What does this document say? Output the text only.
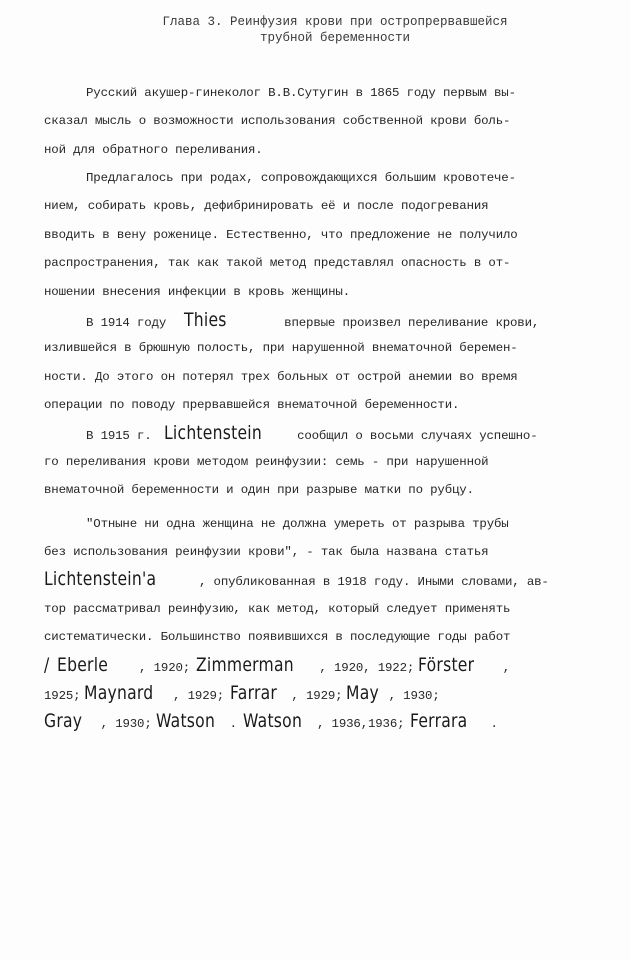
Глава 3. Реинфузия крови при остропрервавшейся
трубной беременности
Русский акушер-гинеколог В.В.Сутугин в 1865 году первым вы-
сказал мысль о возможности использования собственной крови боль-
ной для обратного переливания.
Предлагалось при родах, сопровождающихся большим кровотече-
нием, собирать кровь, дефибринировать её и после подогревания
вводить в вену роженице. Естественно, что предложение не получило
распространения, так как такой метод представлял опасность в от-
ношении внесения инфекции в кровь женщины.
В 1914 году Thies	впервые произвел переливание крови,
излившейся в брюшную полость, при нарушенной внематочной беремен-
ности. До этого он потерял трех больных от острой анемии во время
операции по поводу прервавшейся внематочной беременности.
В 1915 г. Lichtenstein	сообщил о восьми случаях успешно-
го переливания крови методом реинфузии: семь - при нарушенной
внематочной беременности и один при разрыве матки по рубцу.
"Отныне ни одна женщина не должна умереть от разрыва трубы
без использования реинфузии крови", - так была названа статья
Lichtenstein'a	, опубликованная в 1918 году. Иными словами, ав-
тор рассматривал реинфузию, как метод, который следует применять
систематически. Большинство появившихся в последующие годы работ
/ Eberle	, 1920; Zimmerman , 1920, 1922; Förster ,
1925; Maynard , 1929; Farrar , 1929; May , 1930;
Gray , 1930; Watson . Watson , 1936,1936; Ferrara .
